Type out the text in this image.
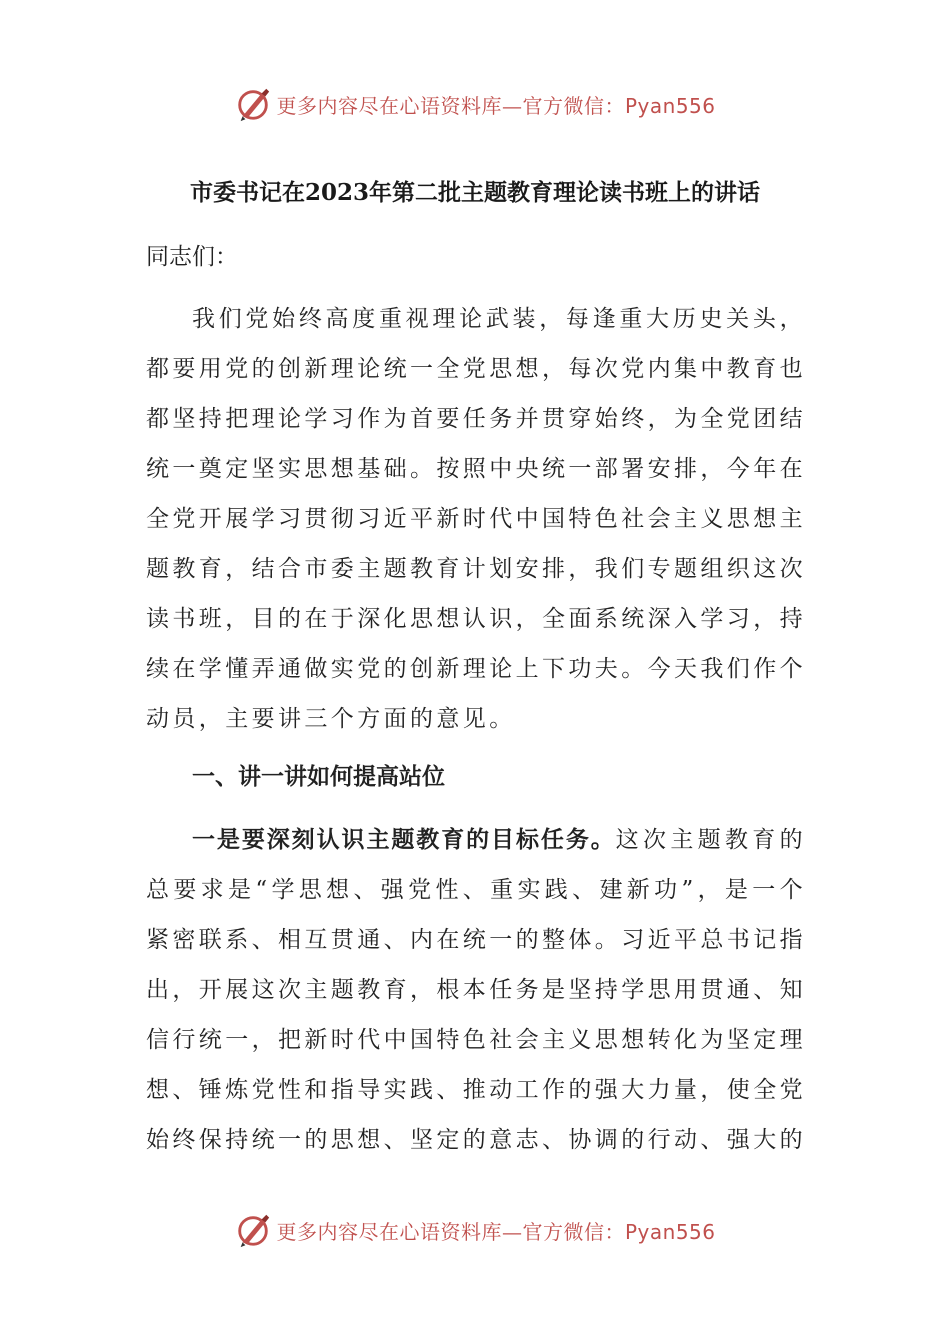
更多内容尽在心语资料库—官方微信：Pyan556
市委书记在2023年第二批主题教育理论读书班上的讲话
同志们：

我们党始终高度重视理论武装，每逢重大历史关头，都要用党的创新理论统一全党思想，每次党内集中教育也都坚持把理论学习作为首要任务并贯穿始终，为全党团结统一奠定坚实思想基础。按照中央统一部署安排，今年在全党开展学习贯彻习近平新时代中国特色社会主义思想主题教育，结合市委主题教育计划安排，我们专题组织这次读书班，目的在于深化思想认识，全面系统深入学习，持续在学懂弄通做实党的创新理论上下功夫。今天我们作个动员，主要讲三个方面的意见。

一、讲一讲如何提高站位

一是要深刻认识主题教育的目标任务。这次主题教育的总要求是“学思想、强党性、重实践、建新功”，是一个紧密联系、相互贯通、内在统一的整体。习近平总书记指出，开展这次主题教育，根本任务是坚持学思用贯通、知信行统一，把新时代中国特色社会主义思想转化为坚定理想、锤炼党性和指导实践、推动工作的强大力量，使全党始终保持统一的思想、坚定的意志、协调的行动、强大的

更多内容尽在心语资料库—官方微信：Pyan556
